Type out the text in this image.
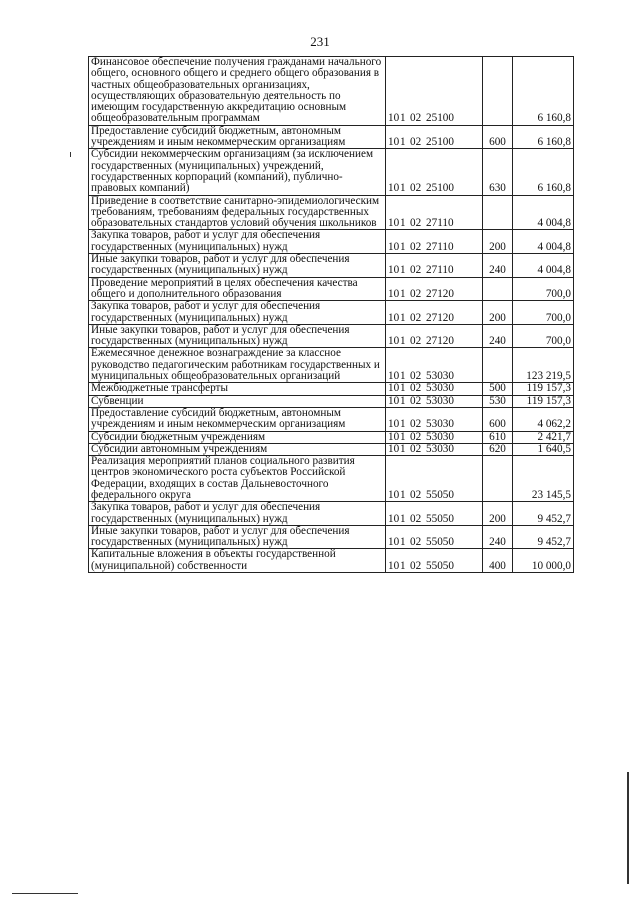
231
Финансовое обеспечение получения гражданами начального общего, основного общего и среднего общего образования в частных общеобразовательных организациях, осуществляющих образовательную деятельность по имеющим государственную аккредитацию основным общеобразовательным программам	101 02 25100		6 160,8
Предоставление субсидий бюджетным, автономным учреждениям и иным некоммерческим организациям	101 02 25100	600	6 160,8
Субсидии некоммерческим организациям (за исключением государственных (муниципальных) учреждений, государственных корпораций (компаний), публично-правовых компаний)	101 02 25100	630	6 160,8
Приведение в соответствие санитарно-эпидемиологическим требованиям, требованиям федеральных государственных образовательных стандартов условий обучения школьников	101 02 27110		4 004,8
Закупка товаров, работ и услуг для обеспечения государственных (муниципальных) нужд	101 02 27110	200	4 004,8
Иные закупки товаров, работ и услуг для обеспечения государственных (муниципальных) нужд	101 02 27110	240	4 004,8
Проведение мероприятий в целях обеспечения качества общего и дополнительного образования	101 02 27120		700,0
Закупка товаров, работ и услуг для обеспечения государственных (муниципальных) нужд	101 02 27120	200	700,0
Иные закупки товаров, работ и услуг для обеспечения государственных (муниципальных) нужд	101 02 27120	240	700,0
Ежемесячное денежное вознаграждение за классное руководство педагогическим работникам государственных и муниципальных общеобразовательных организаций	101 02 53030		123 219,5
Межбюджетные трансферты	101 02 53030	500	119 157,3
Субвенции	101 02 53030	530	119 157,3
Предоставление субсидий бюджетным, автономным учреждениям и иным некоммерческим организациям	101 02 53030	600	4 062,2
Субсидии бюджетным учреждениям	101 02 53030	610	2 421,7
Субсидии автономным учреждениям	101 02 53030	620	1 640,5
Реализация мероприятий планов социального развития центров экономического роста субъектов Российской Федерации, входящих в состав Дальневосточного федерального округа	101 02 55050		23 145,5
Закупка товаров, работ и услуг для обеспечения государственных (муниципальных) нужд	101 02 55050	200	9 452,7
Иные закупки товаров, работ и услуг для обеспечения государственных (муниципальных) нужд	101 02 55050	240	9 452,7
Капитальные вложения в объекты государственной (муниципальной) собственности	101 02 55050	400	10 000,0
